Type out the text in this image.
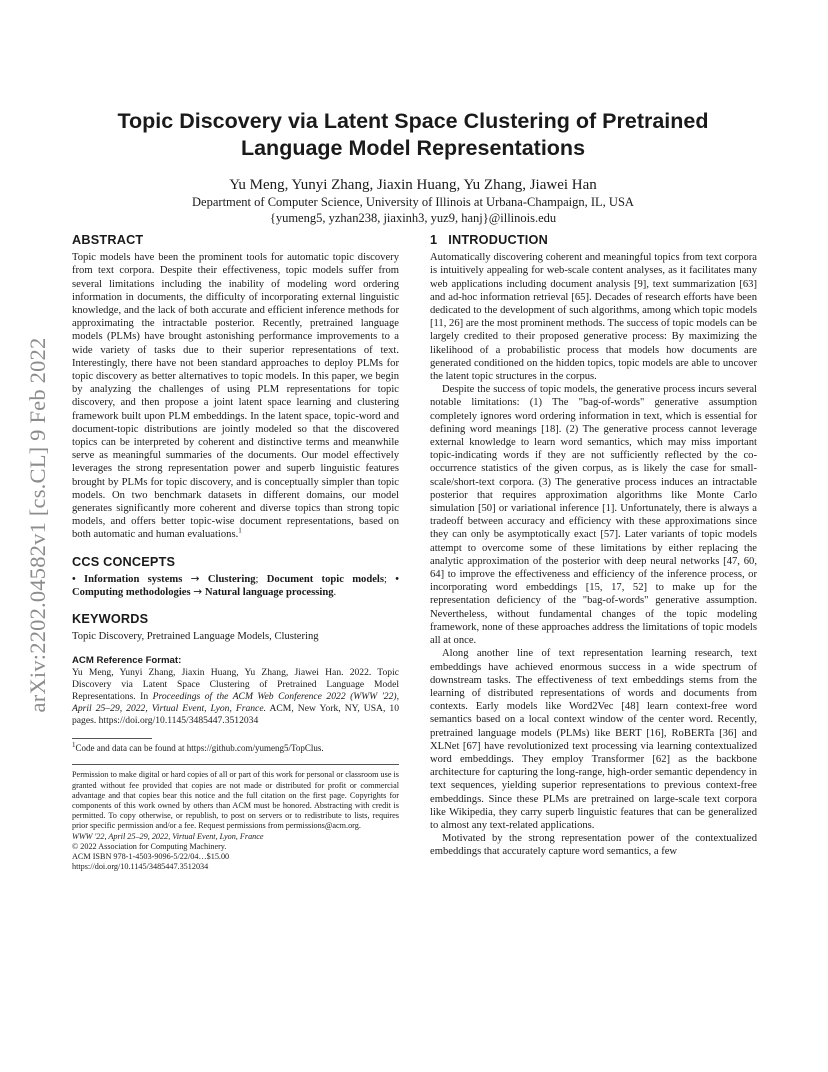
arXiv:2202.04582v1 [cs.CL] 9 Feb 2022
Topic Discovery via Latent Space Clustering of Pretrained
Language Model Representations
Yu Meng, Yunyi Zhang, Jiaxin Huang, Yu Zhang, Jiawei Han
Department of Computer Science, University of Illinois at Urbana-Champaign, IL, USA
{yumeng5, yzhan238, jiaxinh3, yuz9, hanj}@illinois.edu
ABSTRACT

Topic models have been the prominent tools for automatic topic discovery from text corpora. Despite their effectiveness, topic models suffer from several limitations including the inability of modeling word ordering information in documents, the difficulty of incorporating external linguistic knowledge, and the lack of both accurate and efficient inference methods for approximating the intractable posterior. Recently, pretrained language models (PLMs) have brought astonishing performance improvements to a wide variety of tasks due to their superior representations of text. Interestingly, there have not been standard approaches to deploy PLMs for topic discovery as better alternatives to topic models. In this paper, we begin by analyzing the challenges of using PLM representations for topic discovery, and then propose a joint latent space learning and clustering framework built upon PLM embeddings. In the latent space, topic-word and document-topic distributions are jointly modeled so that the discovered topics can be interpreted by coherent and distinctive terms and meanwhile serve as meaningful summaries of the documents. Our model effectively leverages the strong representation power and superb linguistic features brought by PLMs for topic discovery, and is conceptually simpler than topic models. On two benchmark datasets in different domains, our model generates significantly more coherent and diverse topics than strong topic models, and offers better topic-wise document representations, based on both automatic and human evaluations.$^1$

CCS CONCEPTS

• Information systems → Clustering; Document topic models; • Computing methodologies → Natural language processing.

KEYWORDS

Topic Discovery, Pretrained Language Models, Clustering

ACM Reference Format:

Yu Meng, Yunyi Zhang, Jiaxin Huang, Yu Zhang, Jiawei Han. 2022. Topic Discovery via Latent Space Clustering of Pretrained Language Model Representations. In Proceedings of the ACM Web Conference 2022 (WWW '22), April 25–29, 2022, Virtual Event, Lyon, France. ACM, New York, NY, USA, 10 pages. https://doi.org/10.1145/3485447.3512034

$^1$Code and data can be found at https://github.com/yumeng5/TopClus.
Permission to make digital or hard copies of all or part of this work for personal or classroom use is granted without fee provided that copies are not made or distributed for profit or commercial advantage and that copies bear this notice and the full citation on the first page. Copyrights for components of this work owned by others than ACM must be honored. Abstracting with credit is permitted. To copy otherwise, or republish, to post on servers or to redistribute to lists, requires prior specific permission and/or a fee. Request permissions from permissions@acm.org.
WWW '22, April 25–29, 2022, Virtual Event, Lyon, France
© 2022 Association for Computing Machinery.
ACM ISBN 978-1-4503-9096-5/22/04…$15.00
https://doi.org/10.1145/3485447.3512034
1 INTRODUCTION

Automatically discovering coherent and meaningful topics from text corpora is intuitively appealing for web-scale content analyses, as it facilitates many web applications including document analysis [9], text summarization [63] and ad-hoc information retrieval [65]. Decades of research efforts have been dedicated to the development of such algorithms, among which topic models [11, 26] are the most prominent methods. The success of topic models can be largely credited to their proposed generative process: By maximizing the likelihood of a probabilistic process that models how documents are generated conditioned on the hidden topics, topic models are able to uncover the latent topic structures in the corpus.

Despite the success of topic models, the generative process incurs several notable limitations: (1) The "bag-of-words" generative assumption completely ignores word ordering information in text, which is essential for defining word meanings [18]. (2) The generative process cannot leverage external knowledge to learn word semantics, which may miss important topic-indicating words if they are not sufficiently reflected by the co-occurrence statistics of the given corpus, as is likely the case for small-scale/short-text corpora. (3) The generative process induces an intractable posterior that requires approximation algorithms like Monte Carlo simulation [50] or variational inference [1]. Unfortunately, there is always a tradeoff between accuracy and efficiency with these approximations since they can only be asymptotically exact [57]. Later variants of topic models attempt to overcome some of these limitations by either replacing the analytic approximation of the posterior with deep neural networks [47, 60, 64] to improve the effectiveness and efficiency of the inference process, or incorporating word embeddings [15, 17, 52] to make up for the representation deficiency of the "bag-of-words" generative assumption. Nevertheless, without fundamental changes of the topic modeling framework, none of these approaches address the limitations of topic models all at once.

Along another line of text representation learning research, text embeddings have achieved enormous success in a wide spectrum of downstream tasks. The effectiveness of text embeddings stems from the learning of distributed representations of words and documents from contexts. Early models like Word2Vec [48] learn context-free word semantics based on a local context window of the center word. Recently, pretrained language models (PLMs) like BERT [16], RoBERTa [36] and XLNet [67] have revolutionized text processing via learning contextualized word embeddings. They employ Transformer [62] as the backbone architecture for capturing the long-range, high-order semantic dependency in text sequences, yielding superior representations to previous context-free embeddings. Since these PLMs are pretrained on large-scale text corpora like Wikipedia, they carry superb linguistic features that can be generalized to almost any text-related applications.

Motivated by the strong representation power of the contextualized embeddings that accurately capture word semantics, a few
